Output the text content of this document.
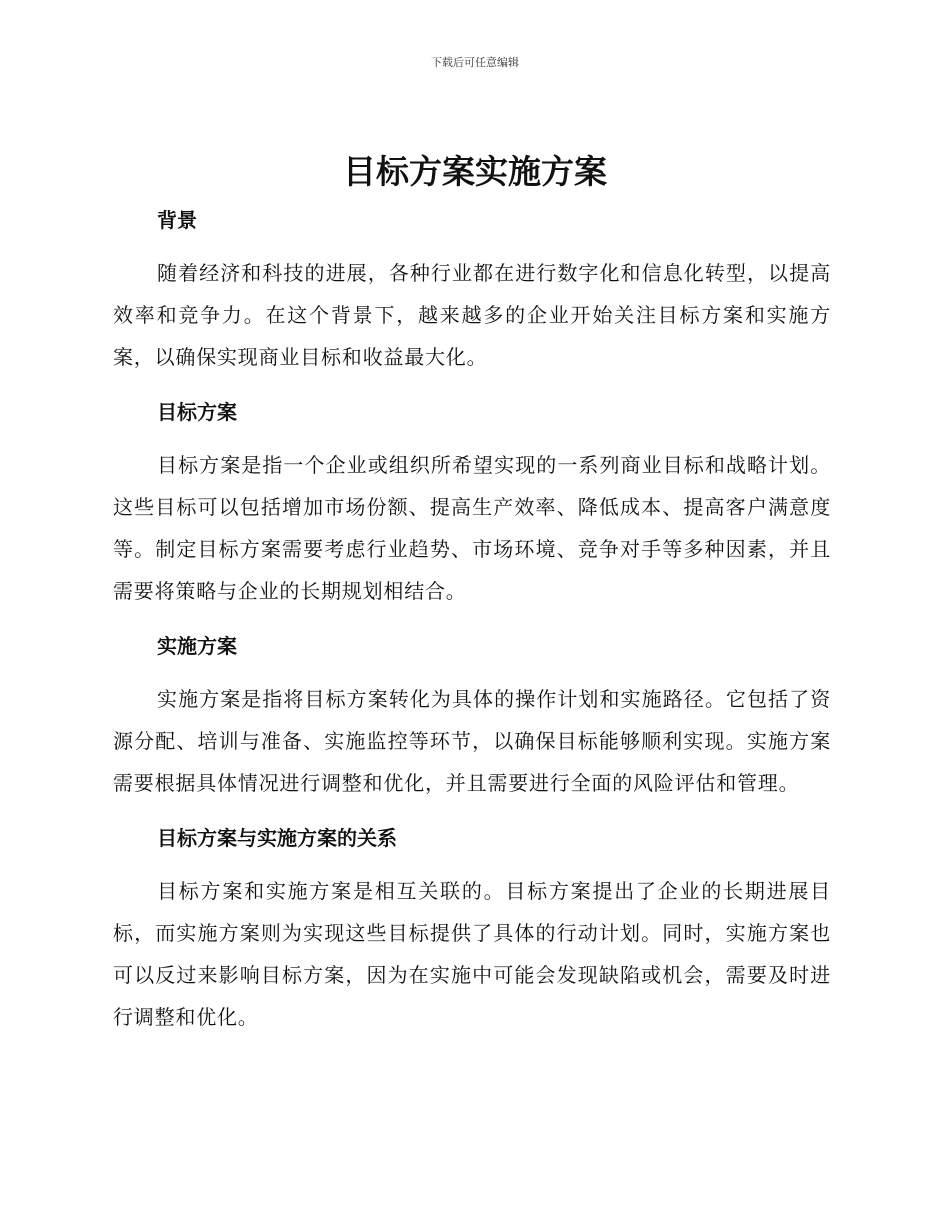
下载后可任意编辑
目标方案实施方案
背景

随着经济和科技的进展，各种行业都在进行数字化和信息化转型，以提高效率和竞争力。在这个背景下，越来越多的企业开始关注目标方案和实施方案，以确保实现商业目标和收益最大化。

目标方案

目标方案是指一个企业或组织所希望实现的一系列商业目标和战略计划。这些目标可以包括增加市场份额、提高生产效率、降低成本、提高客户满意度等。制定目标方案需要考虑行业趋势、市场环境、竞争对手等多种因素，并且需要将策略与企业的长期规划相结合。

实施方案

实施方案是指将目标方案转化为具体的操作计划和实施路径。它包括了资源分配、培训与准备、实施监控等环节，以确保目标能够顺利实现。实施方案需要根据具体情况进行调整和优化，并且需要进行全面的风险评估和管理。

目标方案与实施方案的关系

目标方案和实施方案是相互关联的。目标方案提出了企业的长期进展目标，而实施方案则为实现这些目标提供了具体的行动计划。同时，实施方案也可以反过来影响目标方案，因为在实施中可能会发现缺陷或机会，需要及时进行调整和优化。
